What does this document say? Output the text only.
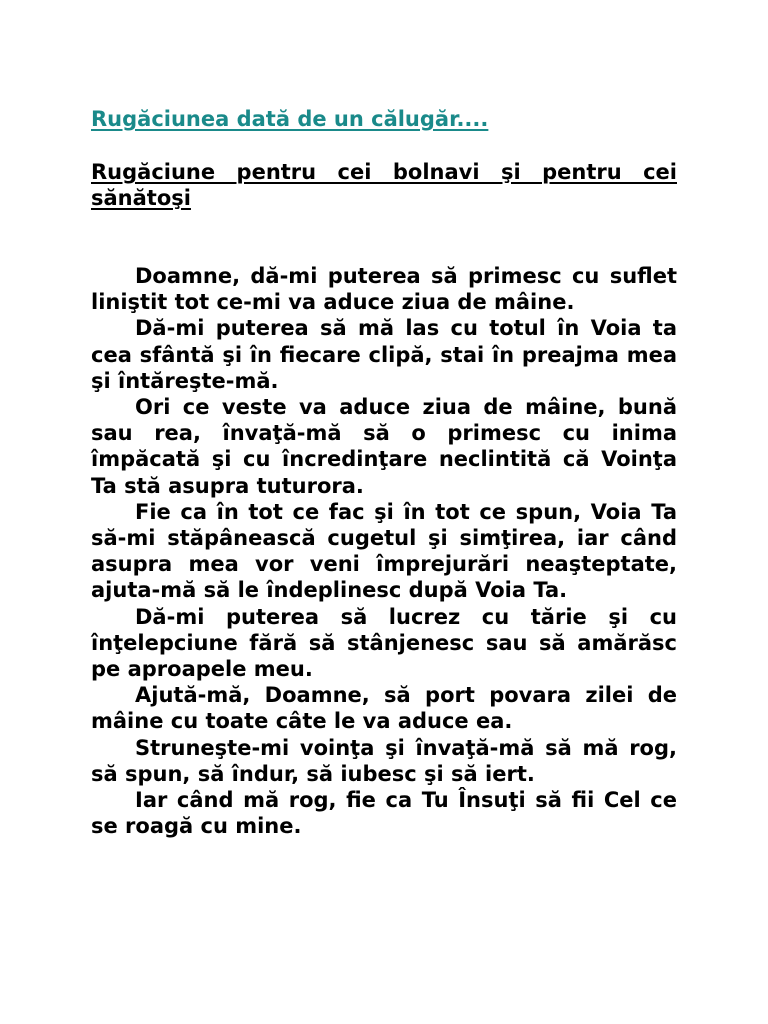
Rugăciunea dată de un călugăr....

Rugăciune pentru cei bolnavi şi pentru cei sănătoşi

Doamne, dă-mi puterea să primesc cu suflet liniştit tot ce-mi va aduce ziua de mâine.

Dă-mi puterea să mă las cu totul în Voia ta cea sfântă şi în fiecare clipă, stai în preajma mea şi întăreşte-mă.

Ori ce veste va aduce ziua de mâine, bună sau rea, învaţă-mă să o primesc cu inima împăcată şi cu încredinţare neclintită că Voinţa Ta stă asupra tuturora.

Fie ca în tot ce fac şi în tot ce spun, Voia Ta să-mi stăpânească cugetul şi simţirea, iar când asupra mea vor veni împrejurări neaşteptate, ajuta-mă să le îndeplinesc după Voia Ta.

Dă-mi puterea să lucrez cu tărie şi cu înţelepciune fără să stânjenesc sau să amărăsc pe aproapele meu.

Ajută-mă, Doamne, să port povara zilei de mâine cu toate câte le va aduce ea.

Struneşte-mi voinţa şi învaţă-mă să mă rog, să spun, să îndur, să iubesc şi să iert.

Iar când mă rog, fie ca Tu Însuţi să fii Cel ce se roagă cu mine.
